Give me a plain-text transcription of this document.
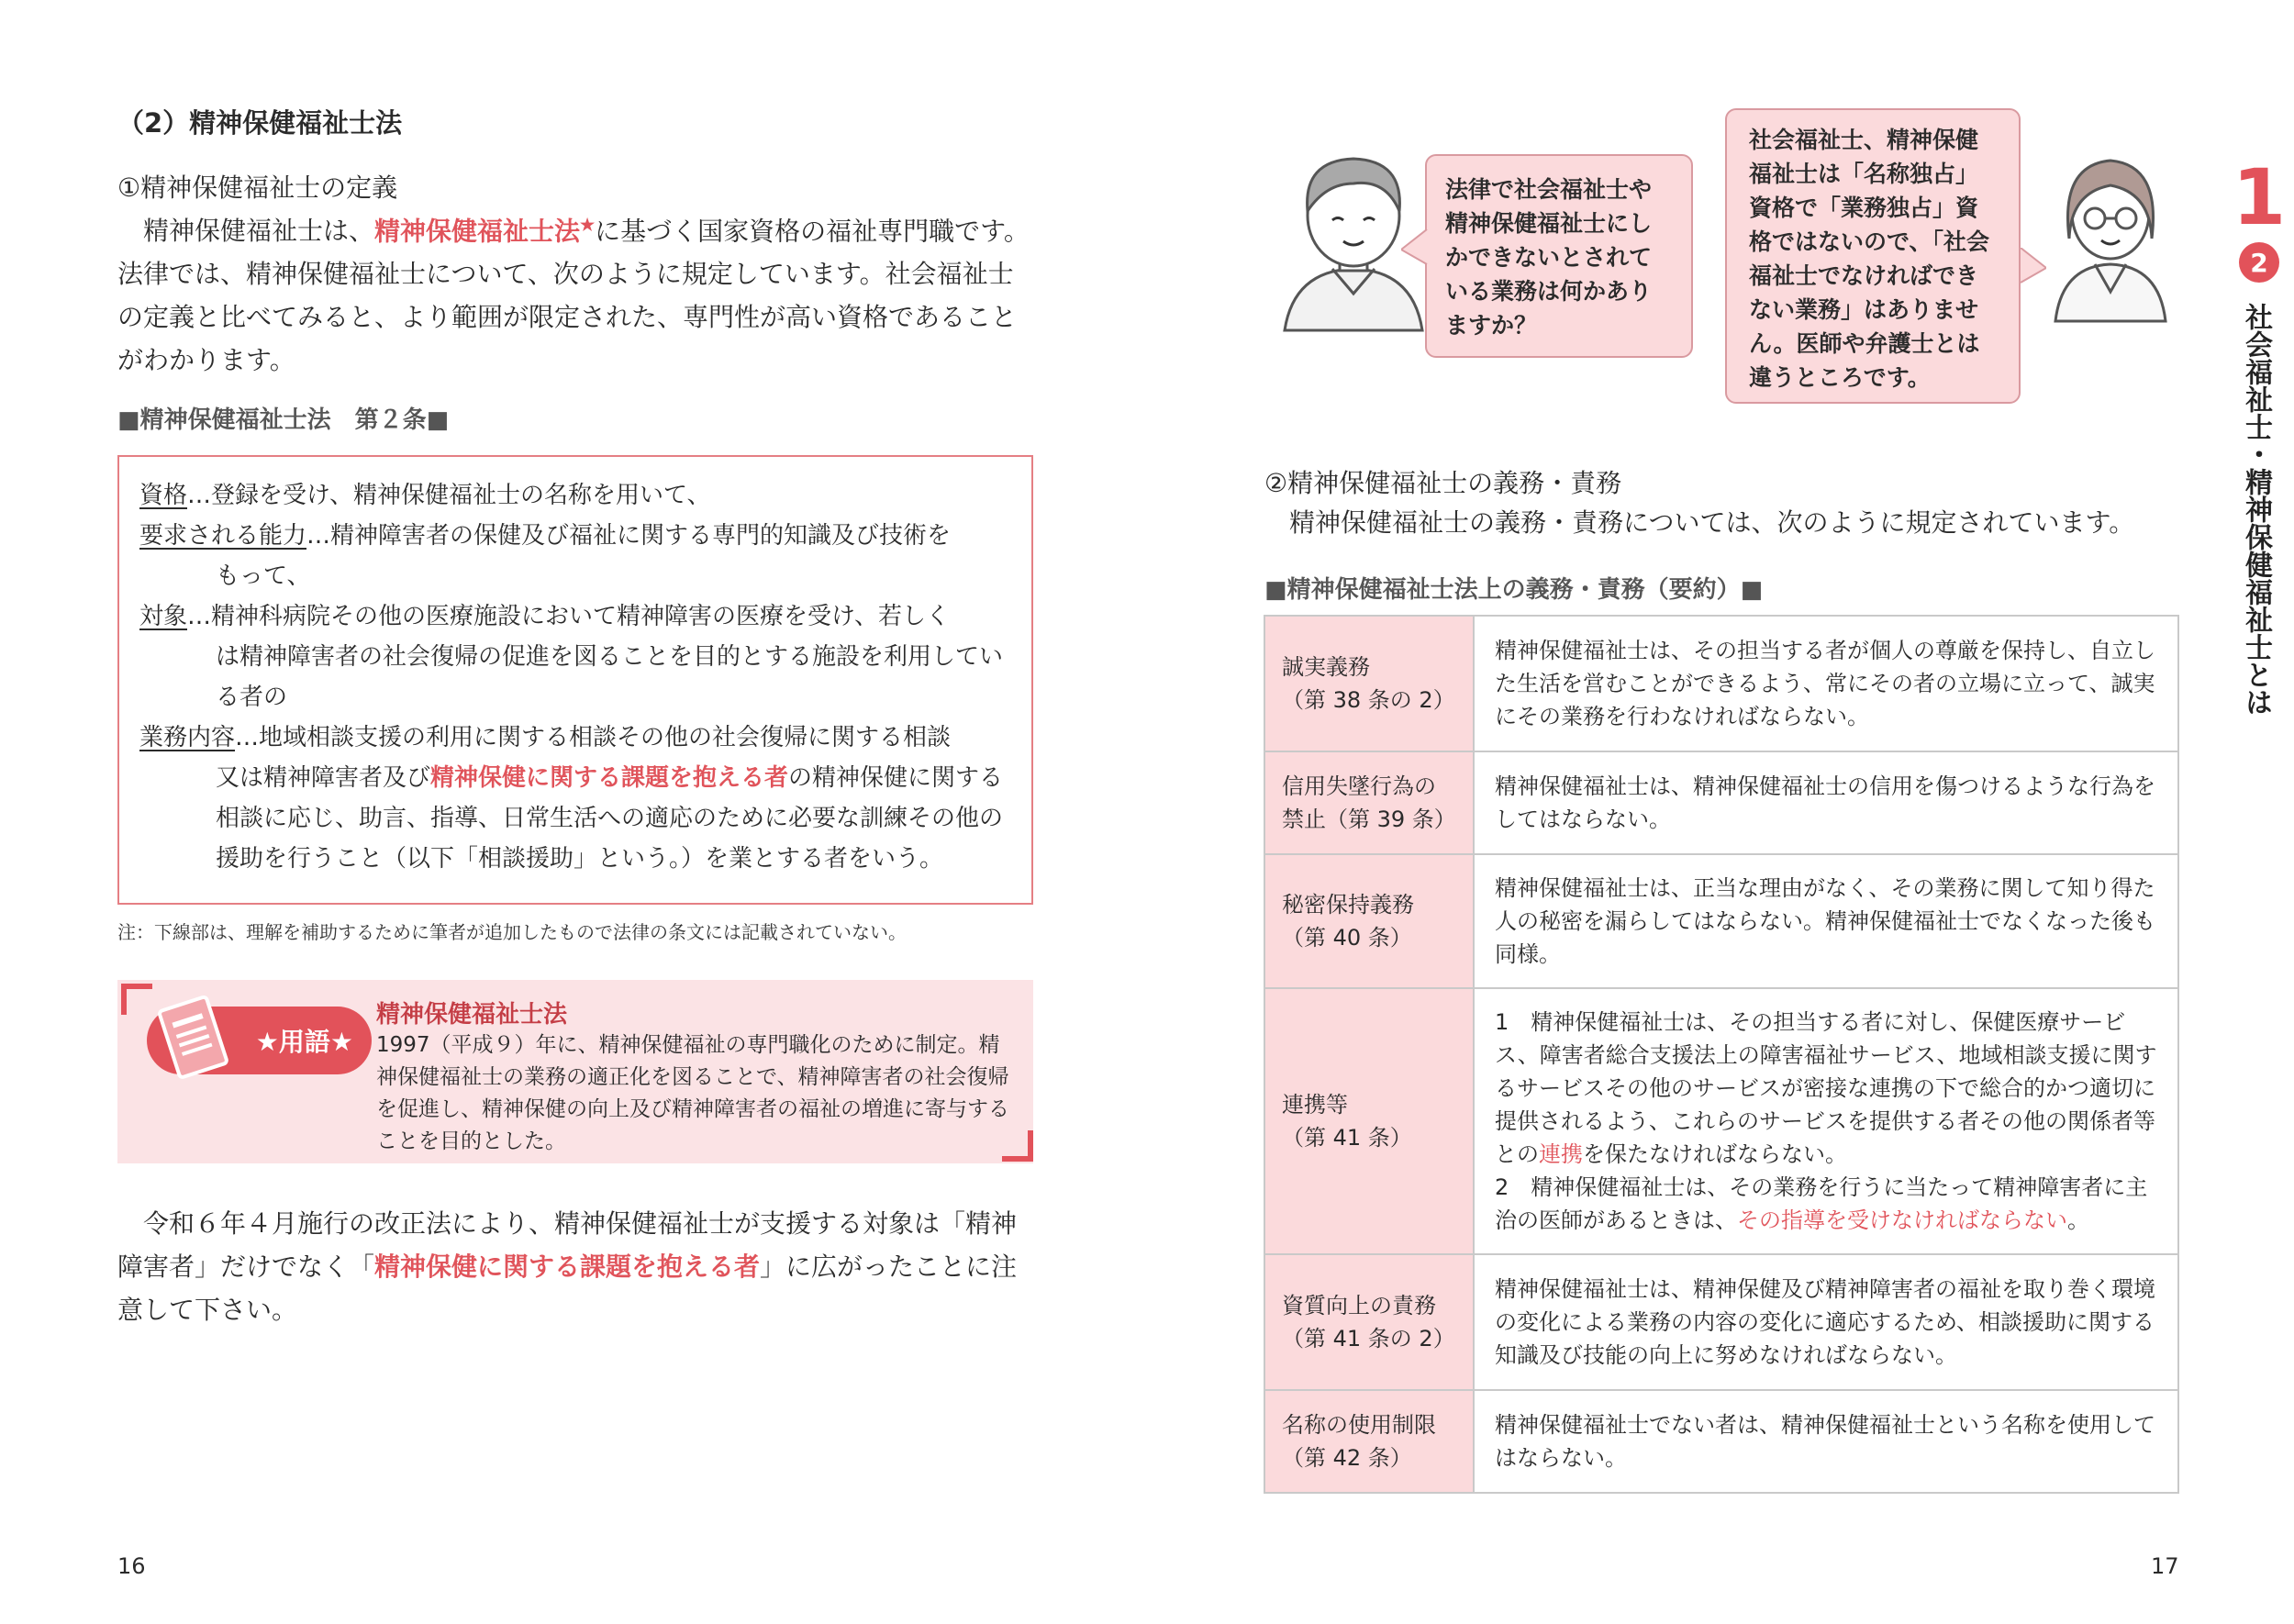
（2）精神保健福祉士法
①精神保健福祉士の定義
精神保健福祉士は、精神保健福祉士法★に基づく国家資格の福祉専門職です。法律では、精神保健福祉士について、次のように規定しています。社会福祉士の定義と比べてみると、より範囲が限定された、専門性が高い資格であることがわかります。
■精神保健福祉士法　第２条■
資格 …登録を受け、精神保健福祉士の名称を用いて、
要求される能力 …精神障害者の保健及び福祉に関する専門的知識及び技術を
もって、
対象 …精神科病院その他の医療施設において精神障害の医療を受け、若しく
は精神障害者の社会復帰の促進を図ることを目的とする施設を利用している者の
業務内容 …地域相談支援の利用に関する相談その他の社会復帰に関する相談
又は精神障害者及び精神保健に関する課題を抱える者の精神保健に関する相談に応じ、助言、指導、日常生活への適応のために必要な訓練その他の援助を行うこと（以下「相談援助」という。）を業とする者をいう。
注：下線部は、理解を補助するために筆者が追加したもので法律の条文には記載されていない。
★用語★
精神保健福祉士法
1997（平成９）年に、精神保健福祉の専門職化のために制定。精神保健福祉士の業務の適正化を図ることで、精神障害者の社会復帰を促進し、精神保健の向上及び精神障害者の福祉の増進に寄与することを目的とした。
令和６年４月施行の改正法により、精神保健福祉士が支援する対象は「精神障害者」だけでなく「精神保健に関する課題を抱える者」に広がったことに注意して下さい。
16
法律で社会福祉士や精神保健福祉士にしかできないとされている業務は何かありますか？
社会福祉士、精神保健福祉士は「名称独占」資格で「業務独占」資格ではないので、「社会福祉士でなければできない業務」はありません。医師や弁護士とは違うところです。
②精神保健福祉士の義務・責務
精神保健福祉士の義務・責務については、次のように規定されています。
■精神保健福祉士法上の義務・責務（要約）■
誠実義務
（第 38 条の 2）	精神保健福祉士は、その担当する者が個人の尊厳を保持し、自立した生活を営むことができるよう、常にその者の立場に立って、誠実にその業務を行わなければならない。
信用失墜行為の禁止（第 39 条）	精神保健福祉士は、精神保健福祉士の信用を傷つけるような行為をしてはならない。
秘密保持義務
（第 40 条）	精神保健福祉士は、正当な理由がなく、その業務に関して知り得た人の秘密を漏らしてはならない。精神保健福祉士でなくなった後も同様。
連携等
（第 41 条）	1　精神保健福祉士は、その担当する者に対し、保健医療サービス、障害者総合支援法上の障害福祉サービス、地域相談支援に関するサービスその他のサービスが密接な連携の下で総合的かつ適切に提供されるよう、これらのサービスを提供する者その他の関係者等との連携を保たなければならない。
2　精神保健福祉士は、その業務を行うに当たって精神障害者に主治の医師があるときは、その指導を受けなければならない。
資質向上の責務
（第 41 条の 2）	精神保健福祉士は、精神保健及び精神障害者の福祉を取り巻く環境の変化による業務の内容の変化に適応するため、相談援助に関する知識及び技能の向上に努めなければならない。
名称の使用制限
（第 42 条）	精神保健福祉士でない者は、精神保健福祉士という名称を使用してはならない。
1
2
社会福祉士・精神保健福祉士とは
17
